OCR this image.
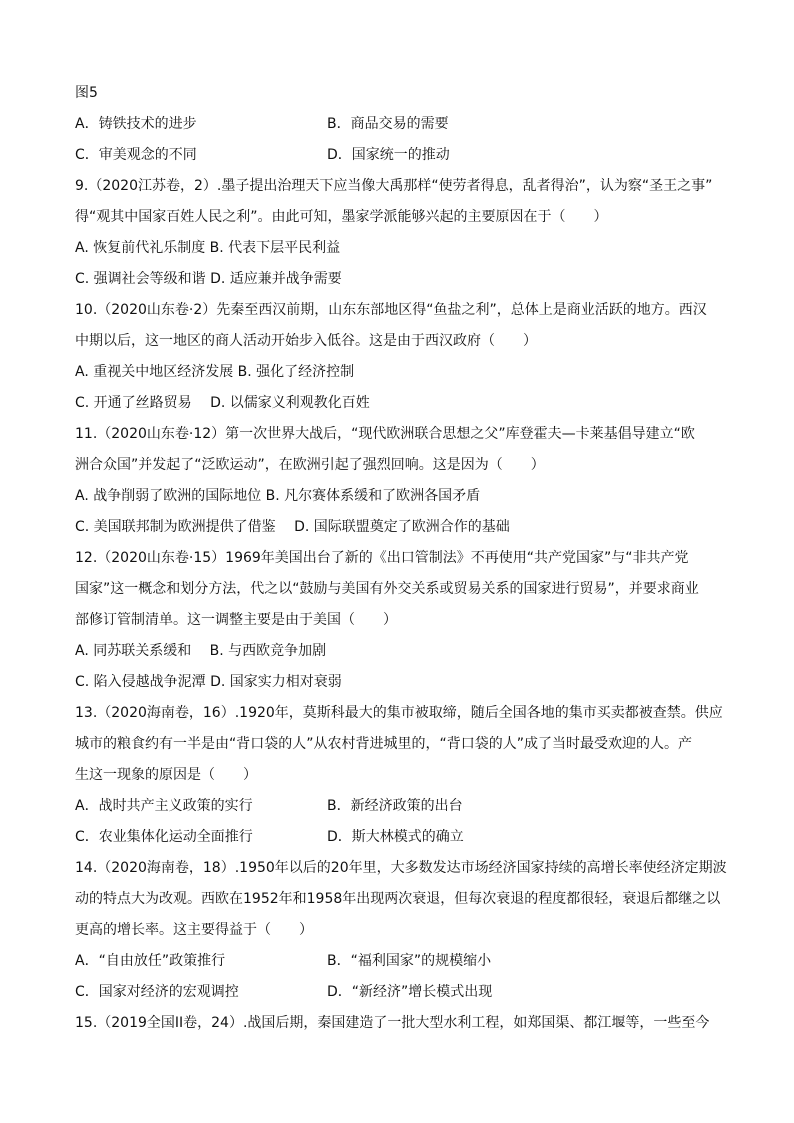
图5
A．铸铁技术的进步	B．商品交易的需要
C．审美观念的不同	D．国家统一的推动
9.（2020江苏卷，2）.墨子提出治理天下应当像大禹那样“使劳者得息，乱者得治”，认为察“圣王之事”
得“观其中国家百姓人民之利”。由此可知，墨家学派能够兴起的主要原因在于（　　）
A. 恢复前代礼乐制度 B. 代表下层平民利益
C. 强调社会等级和谐 D. 适应兼并战争需要
10.（2020山东卷·2）先秦至西汉前期，山东东部地区得“鱼盐之利”，总体上是商业活跃的地方。西汉
中期以后，这一地区的商人活动开始步入低谷。这是由于西汉政府（　　）
A. 重视关中地区经济发展 B. 强化了经济控制
C. 开通了丝路贸易　 D. 以儒家义利观教化百姓
11.（2020山东卷·12）第一次世界大战后，“现代欧洲联合思想之父”库登霍夫—卡莱基倡导建立“欧
洲合众国”并发起了“泛欧运动”，在欧洲引起了强烈回响。这是因为（　　）
A. 战争削弱了欧洲的国际地位 B. 凡尔赛体系缓和了欧洲各国矛盾
C. 美国联邦制为欧洲提供了借鉴　 D. 国际联盟奠定了欧洲合作的基础
12.（2020山东卷·15）1969年美国出台了新的《出口管制法》不再使用“共产党国家”与“非共产党
国家”这一概念和划分方法，代之以“鼓励与美国有外交关系或贸易关系的国家进行贸易”，并要求商业
部修订管制清单。这一调整主要是由于美国（　　）
A. 同苏联关系缓和　 B. 与西欧竞争加剧
C. 陷入侵越战争泥潭 D. 国家实力相对衰弱
13.（2020海南卷，16）.1920年，莫斯科最大的集市被取缔，随后全国各地的集市买卖都被查禁。供应
城市的粮食约有一半是由“背口袋的人”从农村背进城里的，“背口袋的人”成了当时最受欢迎的人。产
生这一现象的原因是（　　）
A．战时共产主义政策的实行	B．新经济政策的出台
C．农业集体化运动全面推行	D．斯大林模式的确立
14.（2020海南卷，18）.1950年以后的20年里，大多数发达市场经济国家持续的高增长率使经济定期波
动的特点大为改观。西欧在1952年和1958年出现两次衰退，但每次衰退的程度都很轻，衰退后都继之以
更高的增长率。这主要得益于（　　）
A．“自由放任”政策推行	B．“福利国家”的规模缩小
C．国家对经济的宏观调控	D．“新经济”增长模式出现
15.（2019全国II卷，24）.战国后期，秦国建造了一批大型水利工程，如郑国渠、都江堰等，一些至今
